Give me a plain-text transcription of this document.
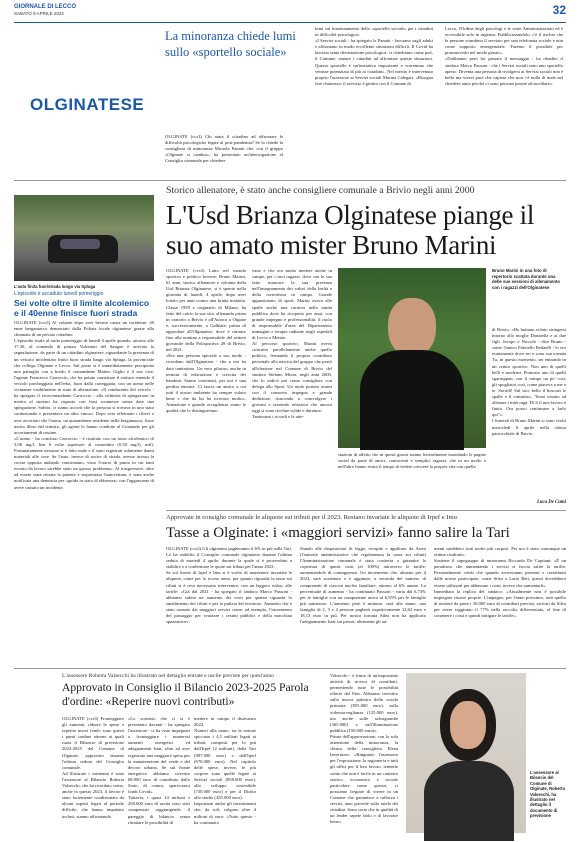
GIORNALE DI LECCO
SABATO 9 APRILE 2022	32
OLGINATESE
La minoranza chiede lumi sullo «sportello sociale»
OLGINATE (ccs3) Chi aiuta il cittadino ad affrontare le difficoltà psicologiche legate al post-pandemia? Se lo chiede la consigliera di minoranza Micaela Panatti che, con il gruppo «Olginate si cambia», ha presentato un'interrogazione al Consiglio comunale per chiedere
lumi sul funzionamento dello «sportello sociale» per i cittadini in difficoltà psicologica.
«I Servizi sociali - ha spiegato la Panatti - lavorano sugli adulti e affrontano in modo eccellente situazioni difficili. Il Covid ha lasciato tanta devastazione psicologica: ci chiediamo come può, il Comune, aiutare i cittadini ad affrontare queste situazioni. Questo sportello è un'iniziativa importante e vorremmo che venisse potenziata di più ai cittadini». Nel merito è intervenuto proprio l'assessore ai Servizi sociali Marina Calegari. «Bisogna fare chiarezza: il servizio è gestito con il Comune di
Lecco, l'Ordine degli psicologi e le varie Amministrazioni ed è accessibile solo in urgenza. Pubblicizzandolo, c'è il rischio che le persone scambino il servizio per una telefonata sociale e non come supporto emergenziale. Faremo il possibile per promuoverlo nel modo giusto».
«Dobbiamo però far passare il messaggio - ha ribadito il sindaco Marco Passoni - che i Servizi sociali sono uno sportello aperto. Diventa una persona di rivolgersi ai Servizi sociali non è bello ma vorrei pure che capisse che non c'è nulla di male nel chiedere aiuto perché ci sono persone pronte ad ascoltare».
L'auto finita fuoristrada lungo via Spluga
L'episodio è accaduto lunedì pomeriggio
Sei volte oltre il limite alcolemico e il 40enne finisce fuori strada
OLGINATE (ccs3) Al volante dopo aver bevuto causa un incidente: 40 enne bergamasco denunciato dalla Polizia locale olginatese grazie alla chiamata di un privato cittadino.
L'episodio risale al tardo pomeriggio di lunedì 4 aprile quando, attorno alle 17.30, al comando di piazzo Volontari del Sangue è arrivata la segnalazione, da parte di un cittadino olginatese, riguardante la presenza di un veicolo incidentato finito fuori strada lungo via Spluga, la provinciale che collega Olginate e Lecco. Sul posto si è immediatamente precipitata una pattuglia con a bordo il comandante Matteo Giglio e il suo vice, l'agente Francesco Carroccio, che ha potuto constatare il sinistro tenendo il veicolo parcheggiato nell'erba, fuori dalla carreggiata, con un uomo nelle vicinanze visibilmente in stato di alterazione. «Il conducente del veicolo - ha spiegato il vicecomandante Carroccio - alla richiesta di spiegazioni in merito al sinistro ha risposto con frasi sconnesse senza dare una spiegazione. Subito, ci siamo accorti che la persona si trovava in uno stato confusionale e presentava un alito vinoso. Dopo aver effettuato i rilievi e aver accertato che l'uomo, un quarantenne residente nella bergamasca, fosse uscito illeso dal sinistro, gli agenti lo hanno condotto al Comando per gli accertamenti di routine.
«L'uomo - ha concluso Carroccio - è risultato con un tasso alcolemico di 3,06 mg/l, ben 6 volte superiore al consentito (0,50 mg/l), ndr). Fortunatamente nessuno si è fatto male e il sono registrati solamente danni materiali alle cose. Se l'auto, invece di uscire di strada, avesse invaso la corsia opposta andando contromano, visto l'orario di punta in cui tanti escono da lavoro sarebbe stato un grosso problema». Al trasgressore, oltre ad essere stata ritirata la patente e sequestrata l'autovettura, è stata anche notificata una denuncia per «guida in stato di ebbrezza» con l'aggravante di avere causato un incidente.
Storico allenatore, è stato anche consigliere comunale a Brivio negli anni 2000
L'Usd Brianza Olginatese piange il suo amato mister Bruno Marini
OLGINATE (ccs3) Lutto nel mondo sportivo e politico brivese: Bruno Marini, 61 anni, storico allenatore e colonna della Usd Brianza Olginatese, si è spento nella giornata di lunedì, 4 aprile, dopo aver lottato per anni contro una brutta malattia. Classe 1959 e originario di Milano, ha fatto del calcio la sua vita, allenando prima in oratorio a Brivio e all'Aurora a Olgiate e, successivamente, a Galbiate, prima di approdare all'Olginatese, dove è rimasto fino alla nomina a responsabile del settore giovanile della Polisportiva 28 di Brivio, nel 2021.
«Era una persona speciale a suo modo - ricordano dall'Olginatese - che a noi ha dato tantissimo. Un vero pilastro, anche in termini di educazione e crescita dei bambini. Siamo costernati, per noi è una perdita enorme. Ci lascia un amico a cui tutti il nostro ambiente ha sempre voluto bene e che da lui ha ricevuto molto». Attenzione e grande accoglienza erano le qualità che lo distinguevano
vano e che ora molto mettere anche in campo, per i suoi ragazzi, dove con le sua fatto mancare la sua presenza nell'insegnamento dei valori della lealtà e della correttezza in campo. Grande appassionato di sport, Marini aveva alle spalle anche una carriera nella sanità pubblica dove ha ricoperto per anni, con grande impegno e professionalità, il ruolo di responsabile d'area del Dipartimento immagini e terapia radiante negli ospedali di Lecco e Merate.
Al percorso sportivo, Marini aveva costruito parallelamente anche quello politico, fermando il proprio contributo personale alla nascita del gruppo che portò all'elezione nel Comune di Brivio del sindaco Stefano Motta, negli anni 2000, che lo indicò poi come consigliere con delega allo Sport. Un ruolo portato avanti con il consueto impegno e grande dedizione, riuscendo a coinvolgere i giovani e tessendo relazioni che ancora oggi si sono rivelate solide e durature.
Tantissimi i ricordi e le atte-
stazioni di affetto che in questi giorni stanno letteralmente inondando le pagine social da parte di amici, conoscenti e semplici ragazzi, che in un modo o nell'altro hanno avuto il tempo di vedere crescere la propria vita con quella
Bruno Marini in una foto di repertorio scattata durante una delle sue sessioni di allenamento con i ragazzi dell'Olginatese
di Brivio: «Ho buttano voluto stringersi intorno allo moglie Donatella e ai due figli, Jacopo e Niccolò - dice Bruno - sottre l'amico Fabriello Redaelli - lo ero esattamente dove sei e sono sua tornata Tu, in questo momento, sei entrando in un centro sportivo. Non uno di quelli belli e moderni. Piuttosto uno di quelli sgarruppati, con il campo un po' così, gli spogliatoi così, come piaceva a me e te. Sorridi! Sul sito, bello il boscuet le spalle e il crmmisto. "Sono venuto ad allenare i miei ragà. Di lì il mio lavoro è finito. Ora posso continuare a farlo qui"».
I funerali di Bruno Marini si sono svolti mercoledì 6 aprile nella chiesa parrocchiale di Brivio.
Luca De Cumi
Approvate in consiglio comunale le aliquote sui tributi per il 2023. Restano invariate le aliquote di Irpef e Imu
Tasse a Olginate: i «maggiori servizi» fanno salire la Tari
OLGINATE (ccs3) Gli olginatesi pagheranno il 6% in più sulla Tari. Lo ha stabilito il Consiglio comunale olginatese durante l'ultima seduta di martedì 4 aprile, durante la quale si è provveduto a stabilire e a confermare le quote sui tributi per l'anno 2023.
Se sul fronte di Irpef e Imu si è scelto di mantenere invariate le aliquote, come per lo scorso anno, per quanto riguarda la tassa sui rifiuti si è reso necessario intervenire, con un leggero rialzo, alle tariffe: «Già dal 2021 - ha spiegato il sindaco Marco Passoni - abbiamo subito un aumento dei costi per quanto riguarda lo smaltimento dei rifiuti e per la pulizia del territorio. Aumento che è stato causato dai maggiori servizi come, ad esempio, l'incremento del passaggio per svuotare i cestini pubblici e della macchina spazzatrice».
Stando alle disposizioni di legge, recepite e applicate da Arera (l'autorità amministrativa che regolamenta la tassa sui rifiuti) l'Amministrazione comunale è stata costretta a garantire la copertura di questi costi (al 100%) attraverso le tariffe, aumentandole di conseguenza. Un incremento che, almeno per il 2023, sarà sostenuto e è aggiunto, a seconda del numero di componenti di ciascun nucleo familiare, attorno al 6% annuo. La percentuale di aumento - ha continuato Passoni - varia dal 6,73% per le famiglie con un componente unico al 6,95% per le famiglie più numerose. L'aumento però è minimo: sarà alla mano, una famiglia di 2, 3 e 4 persone pagherà rispettivamente 12,62 euro e 18,13 euro in più. Per nostra fortuna Silea non ha applicato l'adeguamento Istat sui prezzi, altrimenti gli au-
menti sarebbero stati molto più corposi. Per noi è stato comunque un ottimo risultato».
Sostiene il capogruppo di minoranza Riccardo De Capitani: «È un paradosso che aumentando i servizi si faccia salire la tariffa. Personalmente credo che quando arriveranno presenti e contribuiti dalle nostre partecipate, come Silea o Lario Reti, questi dovrebbero essere utilizzati per abbassare i costi, invece che aumentarli».
Immediata la replica del sindaco: «Attualmente non è possibile impiegare risorse proprie. L'impegno, per l'anno prossimo, sarà quello di mettere da parte i 30.000 euro di contributi previsti, arrivati da Silea per avere raggiunto il 77% nella raccolta differenziata, al fine di contenere i costi e quindi mitigare le tariffe».
L'assessore Roberta Valsecchi ha illustrato nel dettaglio entrate e uscite previste per quest'anno
Approvato in Consiglio il Bilancio 2023-2025 Parola d'ordine: «Reperire nuovi contributi»
OLGINATE (ccs3) Fronteggiare gli aumenti, ridurre le spese e reperire nuovi fondi: sono questi i punti cardine attorno ai quali ruota il Bilancio di previsione 2023-2025 del Comune di Olginate, approvato durante l'ultima seduta del Consiglio comunale.
Ad illustrare i contenuti è stata l'assessore al Bilancio Roberta Valsecchi, che ha ricordato come, anche in questo 2023, il lavoro è stato fortemente condizionato da alcuni aspetti legati al periodo difficile, che hanno impattato inclusi, stanno affrontando.
«Lo scenario che ci si è presentato davanti - ha spiegato l'assessore - ci ha visto impegnati a fronteggiare i numerosi aumenti energetici ed adeguamenti Istat, oltre ad aver registrato una maggiore spesa per la manutenzione del verde e del decoro urbano. Se sul fronte energetico abbiamo ricevuto 68.000 euro di contributo dallo Stato, di contro, sparisconoi fondi Covid».
Tuttavia, i quasi 14 milioni e 200.000 euro di uscita sono stati compensati raggiungendo il pareggio di bilancio senza ritrattare le possibilità di
mettere in campo il disavanzo 2022.
Numeri alla mano, tra le entrate spiccano i 4,5 milioni legati ai tributi, composti per lo più dall'Irpef (2 milioni), dalla Tari (987.000 euro) e dall'Irpef (670.000 euro). Nel capitolo delle spese, invece, le più corpose sono quelle legate ai Servizi sociali (858.000 euro), allo sviluppo sostenibile (730.000 euro) e per il Diritto allo studio (455.000 euro).
Importanti anche gli investimenti che, da soli, valgono oltre 4 milioni di euro: «Tutto questo - ha continuato
Valsecchi - è frutto di un'importante attività di ricerca di contributi, permettendo tutte le possibilità offerte dal Pnrr. Abbiamo investito sulla nuova palestra della scuola primaria (855.000 euro), sulla videosorveglianza (125.000 euro), ma anche sulle salvaguardie (365.000) e sull'illuminazione pubblica (150.000 euro)».
Prima dell'approvazione, con la sola astensione della minoranza, la chiusa della consigliera Elena Invernizzi: «Ringrazio l'assessore per l'esposizione, la ragioneria e tutti gli uffici per il loro lavoro, tenendo conto che non è facile in un contesto storico, economico e sociale particolare come questo; ci possiamo fregiare di vivere in un Comune che garantisce a rafforza i servizi, anzi prevede sulla tutela dei cittadini. Sono certa che in qualità di un leader sapete farlo e di lavorare bene».
L'assessore al Bilancio del Comune di Olginate, Roberta Valsecchi, ha illustrato nel dettaglio il documento di previsione
